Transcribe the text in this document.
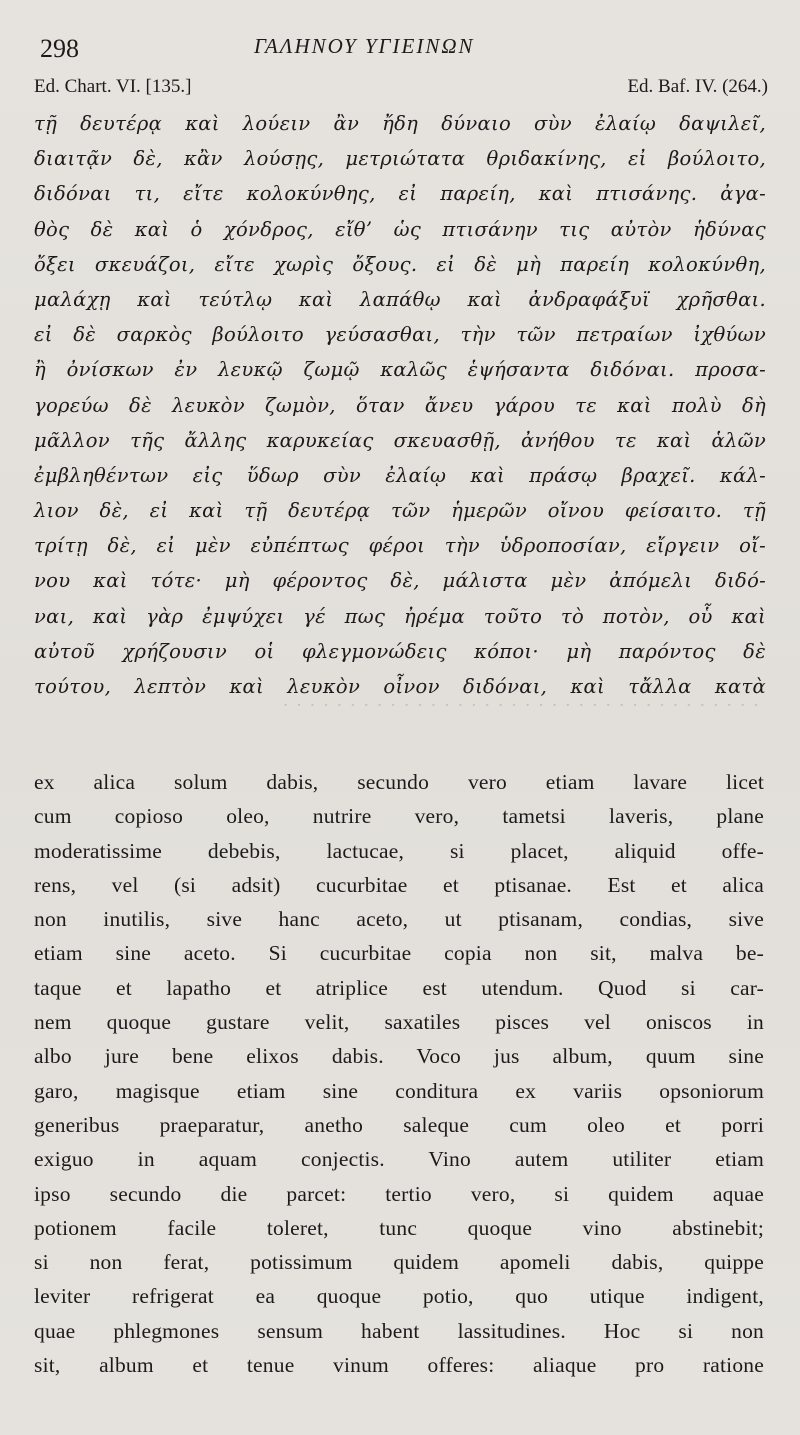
298	ΓΑΛΗΝΟΥ ΥΓΙΕΙΝΩΝ
Ed. Chart. VI. [135.]	Ed. Baf. IV. (264.)
τῇ δευτέρᾳ καὶ λούειν ἂν ἤδη δύναιο σὺν ἐλαίῳ δαψιλεῖ,
διαιτᾷν δὲ, κἂν λούσῃς, μετριώτατα θριδακίνης, εἰ βούλοιτο,
διδόναι τι, εἴτε κολοκύνθης, εἰ παρείη, καὶ πτισάνης. ἀγα-
θὸς δὲ καὶ ὁ χόνδρος, εἴθ’ ὡς πτισάνην τις αὐτὸν ἡδύνας
ὄξει σκευάζοι, εἴτε χωρὶς ὄξους. εἰ δὲ μὴ παρείη κολοκύνθη,
μαλάχῃ καὶ τεύτλῳ καὶ λαπάθῳ καὶ ἀνδραφάξυϊ χρῆσθαι.
εἰ δὲ σαρκὸς βούλοιτο γεύσασθαι, τὴν τῶν πετραίων ἰχθύων
ἢ ὀνίσκων ἐν λευκῷ ζωμῷ καλῶς ἑψήσαντα διδόναι. προσα-
γορεύω δὲ λευκὸν ζωμὸν, ὅταν ἄνευ γάρου τε καὶ πολὺ δὴ
μᾶλλον τῆς ἄλλης καρυκείας σκευασθῇ, ἀνήθου τε καὶ ἁλῶν
ἐμβληθέντων εἰς ὕδωρ σὺν ἐλαίῳ καὶ πράσῳ βραχεῖ. κάλ-
λιον δὲ, εἰ καὶ τῇ δευτέρᾳ τῶν ἡμερῶν οἴνου φείσαιτο. τῇ
τρίτῃ δὲ, εἰ μὲν εὐπέπτως φέροι τὴν ὑδροποσίαν, εἴργειν οἴ-
νου καὶ τότε· μὴ φέροντος δὲ, μάλιστα μὲν ἀπόμελι διδό-
ναι, καὶ γὰρ ἐμψύχει γέ πως ἠρέμα τοῦτο τὸ ποτὸν, οὗ καὶ
αὐτοῦ χρήζουσιν οἱ φλεγμονώδεις κόποι· μὴ παρόντος δὲ
τούτου, λεπτὸν καὶ λευκὸν οἶνον διδόναι, καὶ τἄλλα κατὰ
· · · · · · · · · · · · · · · · · · · · · · · · · · · · · · · · · · · ·
ex alica solum dabis, secundo vero etiam lavare licet
cum copioso oleo, nutrire vero, tametsi laveris, plane
moderatissime debebis, lactucae, si placet, aliquid offe-
rens, vel (si adsit) cucurbitae et ptisanae. Est et alica
non inutilis, sive hanc aceto, ut ptisanam, condias, sive
etiam sine aceto. Si cucurbitae copia non sit, malva be-
taque et lapatho et atriplice est utendum. Quod si car-
nem quoque gustare velit, saxatiles pisces vel oniscos in
albo jure bene elixos dabis. Voco jus album, quum sine
garo, magisque etiam sine conditura ex variis opsoniorum
generibus praeparatur, anetho saleque cum oleo et porri
exiguo in aquam conjectis. Vino autem utiliter etiam
ipso secundo die parcet: tertio vero, si quidem aquae
potionem facile toleret, tunc quoque vino abstinebit;
si non ferat, potissimum quidem apomeli dabis, quippe
leviter refrigerat ea quoque potio, quo utique indigent,
quae phlegmones sensum habent lassitudines. Hoc si non
sit, album et tenue vinum offeres: aliaque pro ratione
